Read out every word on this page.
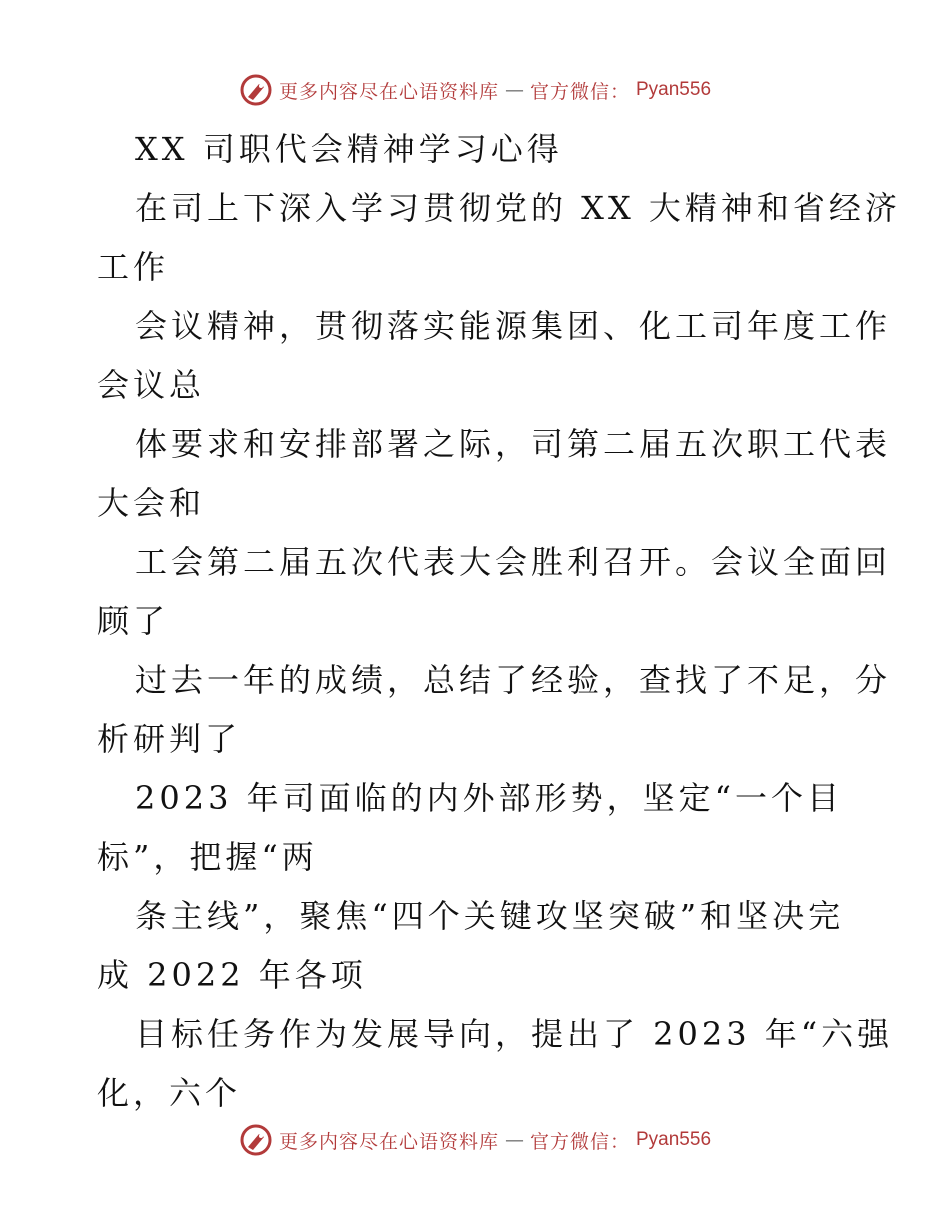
更多内容尽在心语资料库 — 官方微信： Pyan556
XX 司职代会精神学习心得
在司上下深入学习贯彻党的 XX 大精神和省经济
工作
会议精神，贯彻落实能源集团、化工司年度工作
会议总
体要求和安排部署之际，司第二届五次职工代表
大会和
工会第二届五次代表大会胜利召开。会议全面回
顾了
过去一年的成绩，总结了经验，查找了不足，分
析研判了
2023 年司面临的内外部形势，坚定“一个目
标”，把握“两
条主线”，聚焦“四个关键攻坚突破”和坚决完
成 2022 年各项
目标任务作为发展导向，提出了 2023 年“六强
化，六个
更多内容尽在心语资料库 — 官方微信： Pyan556
